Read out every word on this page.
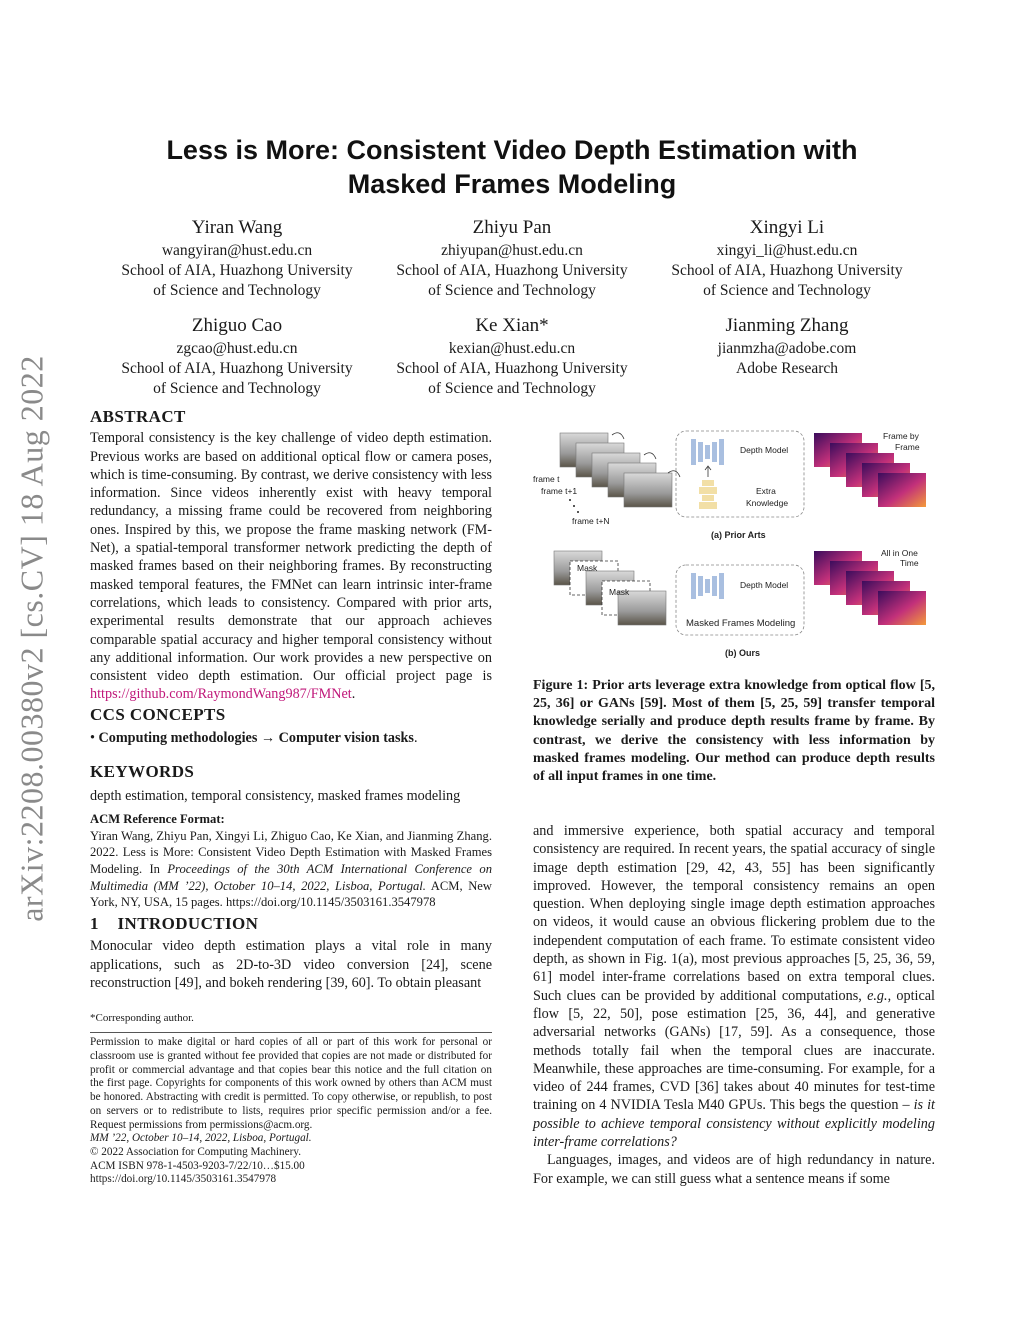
arXiv:2208.00380v2 [cs.CV] 18 Aug 2022
Less is More: Consistent Video Depth Estimation with
Masked Frames Modeling
Yiran Wang
wangyiran@hust.edu.cn
School of AIA, Huazhong University
of Science and Technology
Zhiyu Pan
zhiyupan@hust.edu.cn
School of AIA, Huazhong University
of Science and Technology
Xingyi Li
xingyi_li@hust.edu.cn
School of AIA, Huazhong University
of Science and Technology
Zhiguo Cao
zgcao@hust.edu.cn
School of AIA, Huazhong University
of Science and Technology
Ke Xian*
kexian@hust.edu.cn
School of AIA, Huazhong University
of Science and Technology
Jianming Zhang
jianmzha@adobe.com
Adobe Research
ABSTRACT

Temporal consistency is the key challenge of video depth estimation. Previous works are based on additional optical flow or camera poses, which is time-consuming. By contrast, we derive consistency with less information. Since videos inherently exist with heavy temporal redundancy, a missing frame could be recovered from neighboring ones. Inspired by this, we propose the frame masking network (FM-Net), a spatial-temporal transformer network predicting the depth of masked frames based on their neighboring frames. By reconstructing masked temporal features, the FMNet can learn intrinsic inter-frame correlations, which leads to consistency. Compared with prior arts, experimental results demonstrate that our approach achieves comparable spatial accuracy and higher temporal consistency without any additional information. Our work provides a new perspective on consistent video depth estimation. Our official project page is https://github.com/RaymondWang987/FMNet.

CCS CONCEPTS

• Computing methodologies → Computer vision tasks.

KEYWORDS

depth estimation, temporal consistency, masked frames modeling

ACM Reference Format:

Yiran Wang, Zhiyu Pan, Xingyi Li, Zhiguo Cao, Ke Xian, and Jianming Zhang. 2022. Less is More: Consistent Video Depth Estimation with Masked Frames Modeling. In Proceedings of the 30th ACM International Conference on Multimedia (MM ’22), October 10–14, 2022, Lisboa, Portugal. ACM, New York, NY, USA, 15 pages. https://doi.org/10.1145/3503161.3547978

1    INTRODUCTION

Monocular video depth estimation plays a vital role in many applications, such as 2D-to-3D video conversion [24], scene reconstruction [49], and bokeh rendering [39, 60]. To obtain pleasant

*Corresponding author.
Permission to make digital or hard copies of all or part of this work for personal or classroom use is granted without fee provided that copies are not made or distributed for profit or commercial advantage and that copies bear this notice and the full citation on the first page. Copyrights for components of this work owned by others than ACM must be honored. Abstracting with credit is permitted. To copy otherwise, or republish, to post on servers or to redistribute to lists, requires prior specific permission and/or a fee. Request permissions from permissions@acm.org.
MM ’22, October 10–14, 2022, Lisboa, Portugal.
© 2022 Association for Computing Machinery.
ACM ISBN 978-1-4503-9203-7/22/10…$15.00
https://doi.org/10.1145/3503161.3547978
frame t
frame t+1
frame t+N
Depth Model
Extra
Knowledge
Frame by
Frame
(a) Prior Arts
Mask
Mask
Depth Model
Masked Frames Modeling
All in One
Time
(b) Ours
Figure 1: Prior arts leverage extra knowledge from optical flow [5, 25, 36] or GANs [59]. Most of them [5, 25, 59] transfer temporal knowledge serially and produce depth results frame by frame. By contrast, we derive the consistency with less information by masked frames modeling. Our method can produce depth results of all input frames in one time.

and immersive experience, both spatial accuracy and temporal consistency are required. In recent years, the spatial accuracy of single image depth estimation [29, 42, 43, 55] has been significantly improved. However, the temporal consistency remains an open question. When deploying single image depth estimation approaches on videos, it would cause an obvious flickering problem due to the independent computation of each frame. To estimate consistent video depth, as shown in Fig. 1(a), most previous approaches [5, 25, 36, 59, 61] model inter-frame correlations based on extra temporal clues. Such clues can be provided by additional computations, e.g., optical flow [5, 22, 50], pose estimation [25, 36, 44], and generative adversarial networks (GANs) [17, 59]. As a consequence, those methods totally fail when the temporal clues are inaccurate. Meanwhile, these approaches are time-consuming. For example, for a video of 244 frames, CVD [36] takes about 40 minutes for test-time training on 4 NVIDIA Tesla M40 GPUs. This begs the question – is it possible to achieve temporal consistency without explicitly modeling inter-frame correlations?

Languages, images, and videos are of high redundancy in nature. For example, we can still guess what a sentence means if some
